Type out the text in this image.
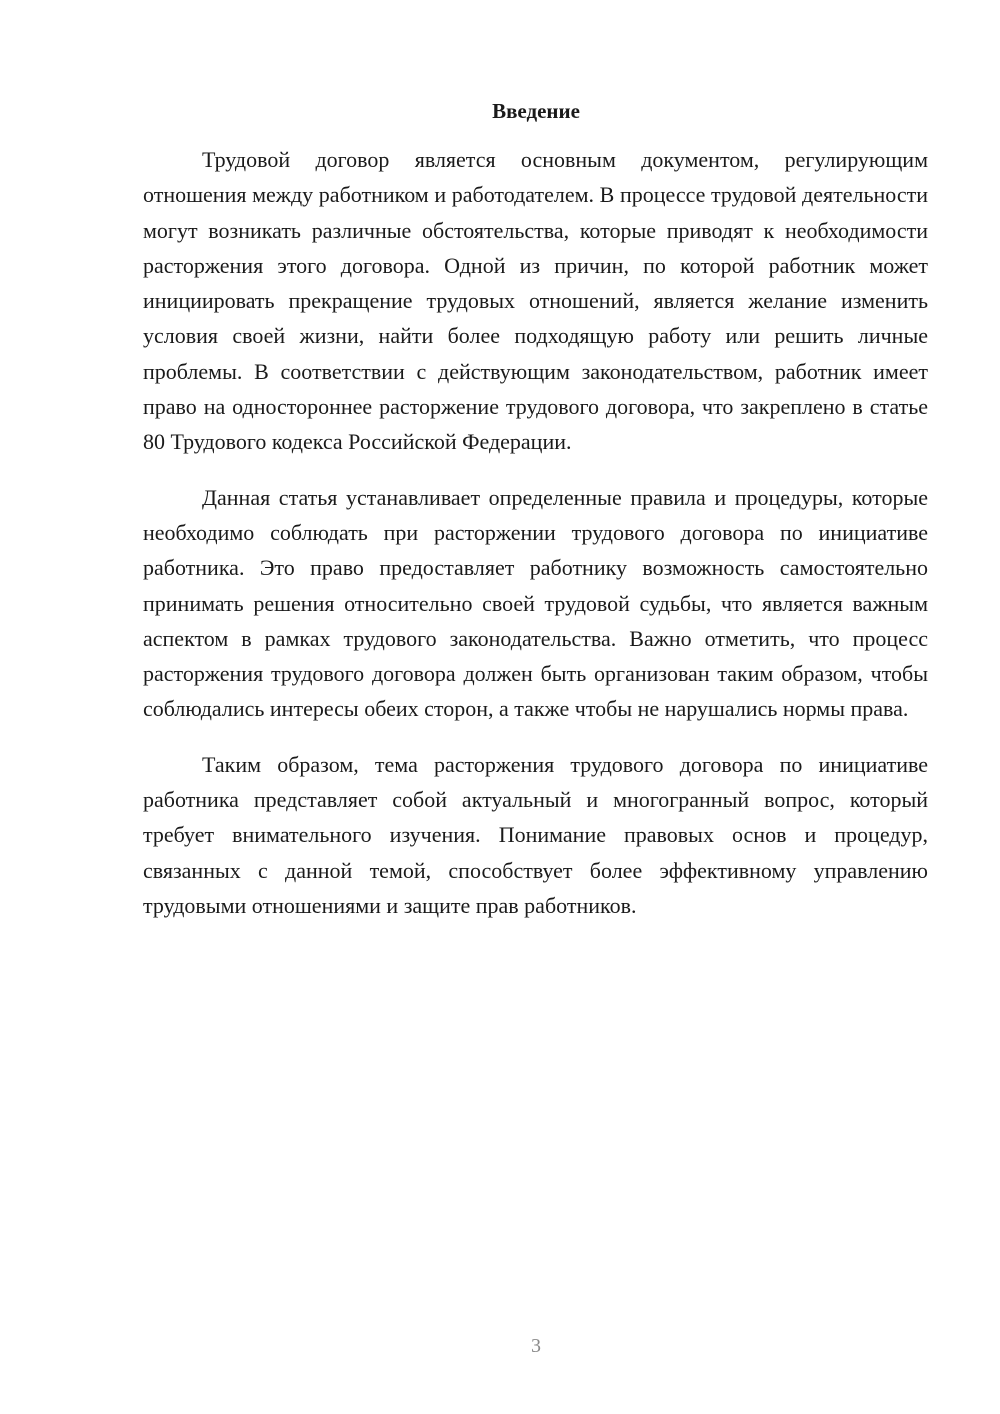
Введение

Трудовой договор является основным документом, регулирующим отношения между работником и работодателем. В процессе трудовой деятельности могут возникать различные обстоятельства, которые приводят к необходимости расторжения этого договора. Одной из причин, по которой работник может инициировать прекращение трудовых отношений, является желание изменить условия своей жизни, найти более подходящую работу или решить личные проблемы. В соответствии с действующим законодательством, работник имеет право на одностороннее расторжение трудового договора, что закреплено в статье 80 Трудового кодекса Российской Федерации.

Данная статья устанавливает определенные правила и процедуры, которые необходимо соблюдать при расторжении трудового договора по инициативе работника. Это право предоставляет работнику возможность самостоятельно принимать решения относительно своей трудовой судьбы, что является важным аспектом в рамках трудового законодательства. Важно отметить, что процесс расторжения трудового договора должен быть организован таким образом, чтобы соблюдались интересы обеих сторон, а также чтобы не нарушались нормы права.

Таким образом, тема расторжения трудового договора по инициативе работника представляет собой актуальный и многогранный вопрос, который требует внимательного изучения. Понимание правовых основ и процедур, связанных с данной темой, способствует более эффективному управлению трудовыми отношениями и защите прав работников.

3
